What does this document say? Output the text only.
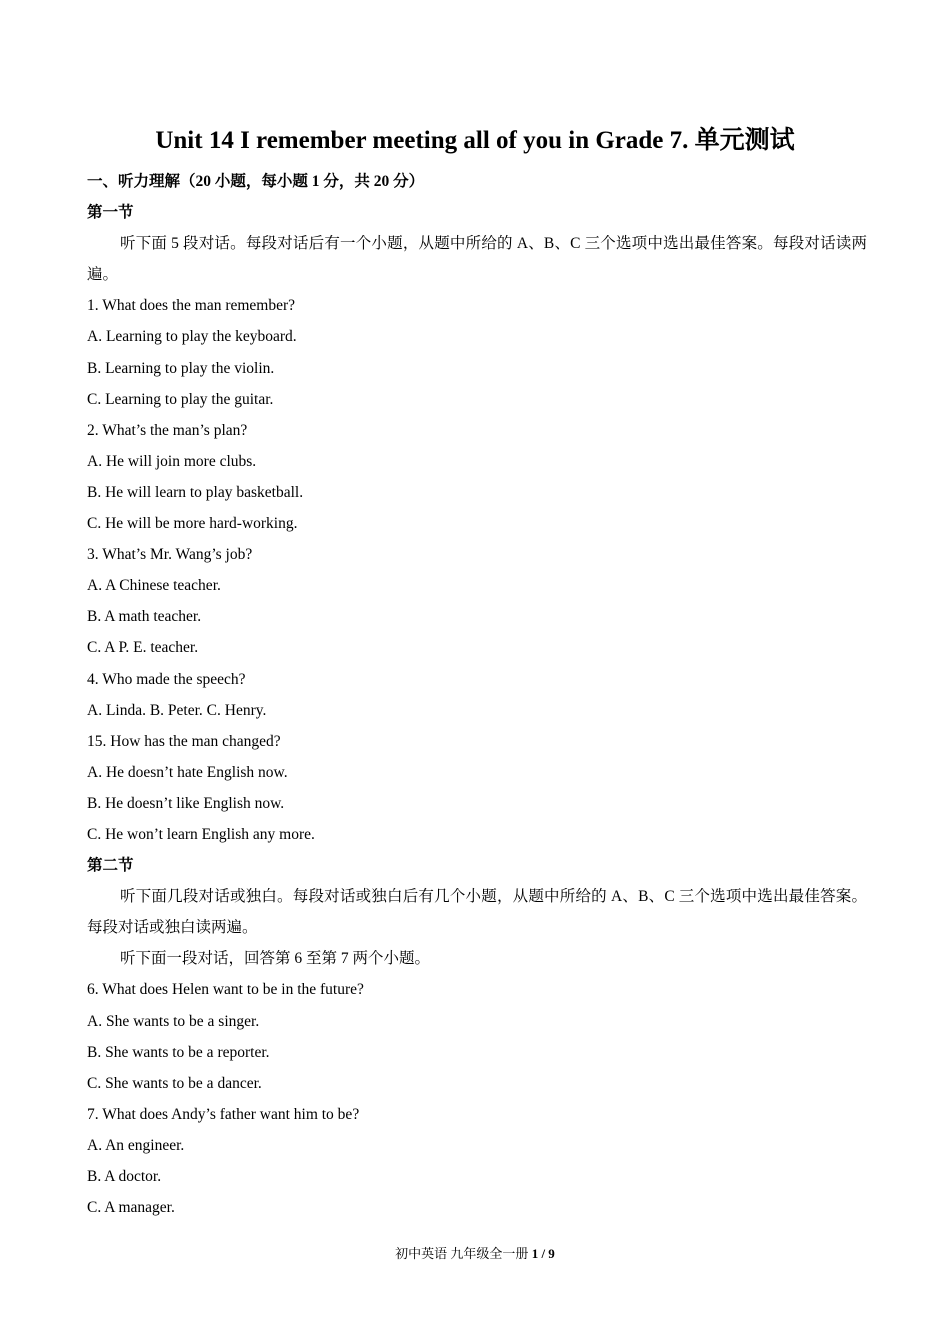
Unit 14 I remember meeting all of you in Grade 7. 单元测试
一、听力理解（20 小题，每小题 1 分，共 20 分）
第一节
听下面 5 段对话。每段对话后有一个小题，从题中所给的 A、B、C 三个选项中选出最佳答案。每段对话读两遍。
1. What does the man remember?
A. Learning to play the keyboard.
B. Learning to play the violin.
C. Learning to play the guitar.
2. What’s the man’s plan?
A. He will join more clubs.
B. He will learn to play basketball.
C. He will be more hard-working.
3. What’s Mr. Wang’s job?
A. A Chinese teacher.
B. A math teacher.
C. A P. E. teacher.
4. Who made the speech?
A. Linda. B. Peter. C. Henry.
15. How has the man changed?
A. He doesn’t hate English now.
B. He doesn’t like English now.
C. He won’t learn English any more.
第二节
听下面几段对话或独白。每段对话或独白后有几个小题，从题中所给的 A、B、C 三个选项中选出最佳答案。每段对话或独白读两遍。
听下面一段对话，回答第 6 至第 7 两个小题。
6. What does Helen want to be in the future?
A. She wants to be a singer.
B. She wants to be a reporter.
C. She wants to be a dancer.
7. What does Andy’s father want him to be?
A. An engineer.
B. A doctor.
C. A manager.
初中英语 九年级全一册 1 / 9
